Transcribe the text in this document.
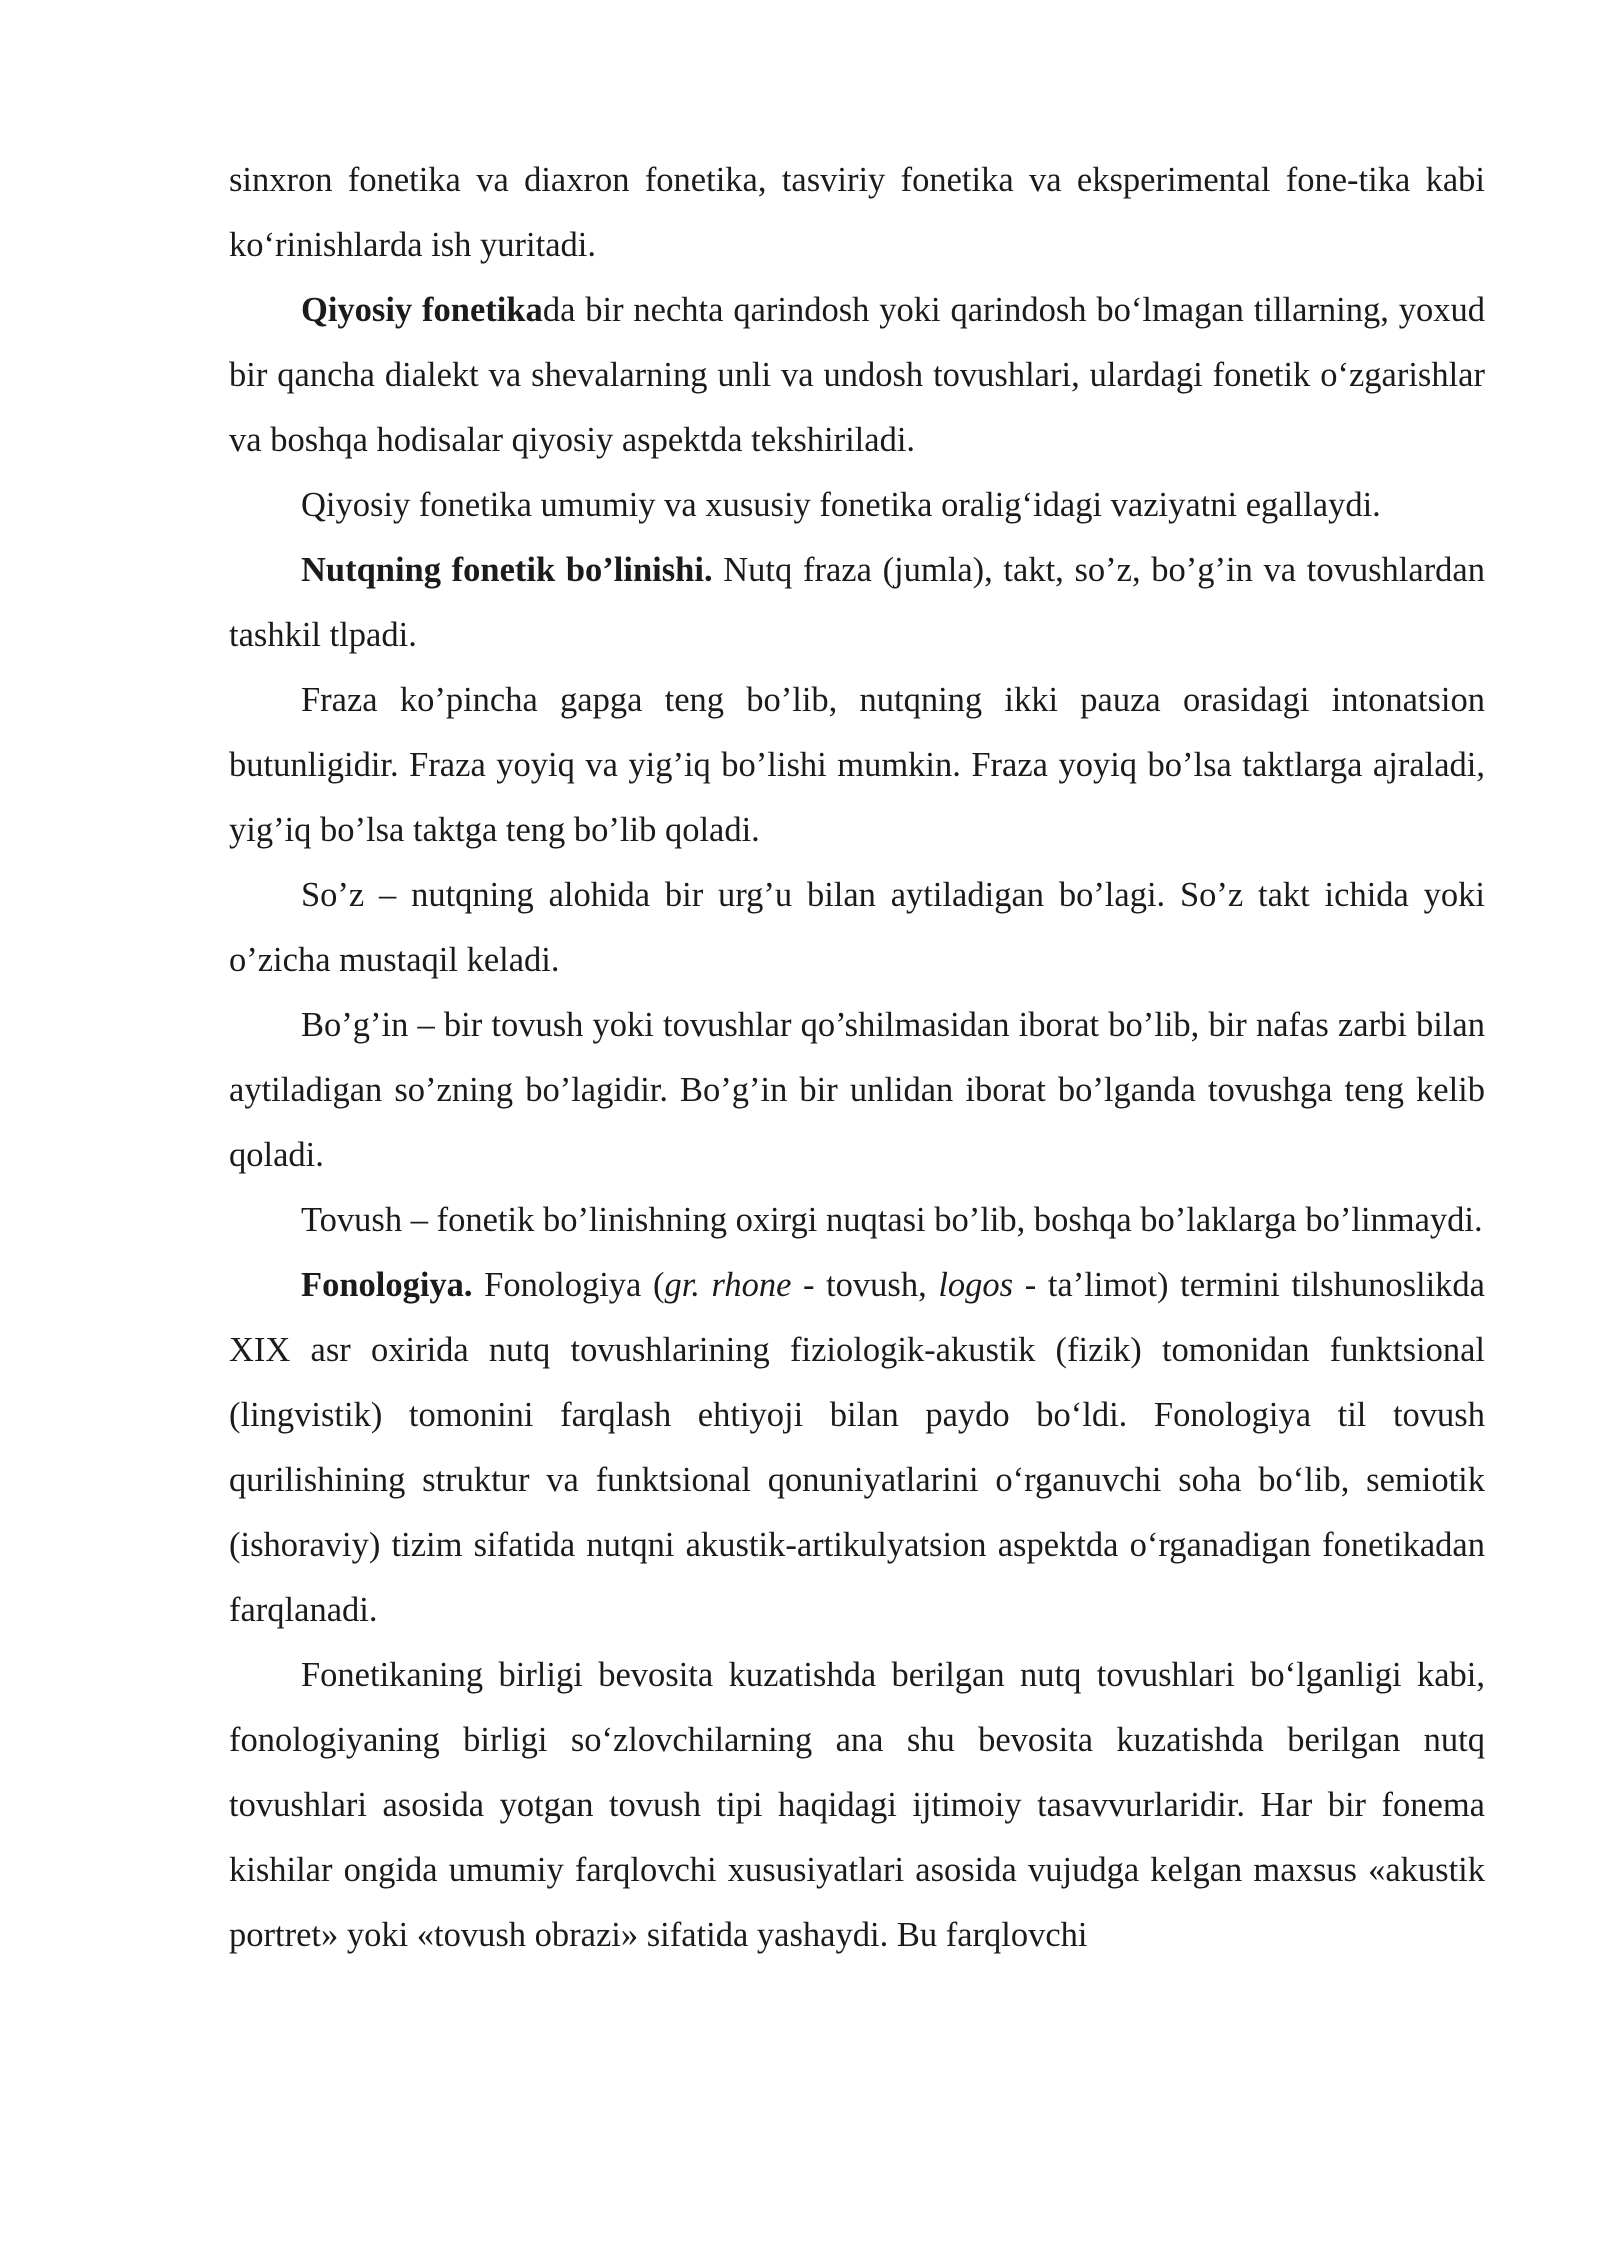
sinxron fonetika va diaxron fonetika, tasviriy fonetika va eksperimental fone-tika kabi koʻrinishlarda ish yuritadi.

Qiyosiy fonetikada bir nechta qarindosh yoki qarindosh boʻlmagan tillarning, yoxud bir qancha dialekt va shevalarning unli va undosh tovushlari, ulardagi fonetik oʻzgarishlar va boshqa hodisalar qiyosiy aspektda tekshiriladi.

Qiyosiy fonetika umumiy va xususiy fonetika oraligʻidagi vaziyatni egallaydi.

Nutqning fonetik bo’linishi. Nutq fraza (jumla), takt, so’z, bo’g’in va tovushlardan tashkil tlpadi.

Fraza ko’pincha gapga teng bo’lib, nutqning ikki pauza orasidagi intonatsion butunligidir. Fraza yoyiq va yig’iq bo’lishi mumkin. Fraza yoyiq bo’lsa taktlarga ajraladi, yig’iq bo’lsa taktga teng bo’lib qoladi.

So’z – nutqning alohida bir urg’u bilan aytiladigan bo’lagi. So’z takt ichida yoki o’zicha mustaqil keladi.

Bo’g’in – bir tovush yoki tovushlar qo’shilmasidan iborat bo’lib, bir nafas zarbi bilan aytiladigan so’zning bo’lagidir. Bo’g’in bir unlidan iborat bo’lganda tovushga teng kelib qoladi.

Tovush – fonetik bo’linishning oxirgi nuqtasi bo’lib, boshqa bo’laklarga bo’linmaydi.

Fonologiya. Fonologiya (gr. rhone - tovush, logos - ta’limot) termini tilshunoslikda XIX asr oxirida nutq tovushlarining fiziologik-akustik (fizik) tomonidan funktsional (lingvistik) tomonini farqlash ehtiyoji bilan paydo boʻldi. Fonologiya til tovush qurilishining struktur va funktsional qonuniyatlarini oʻrganuvchi soha boʻlib, semiotik (ishoraviy) tizim sifatida nutqni akustik-artikulyatsion aspektda oʻrganadigan fonetikadan farqlanadi.

Fonetikaning birligi bevosita kuzatishda berilgan nutq tovushlari boʻlganligi kabi, fonologiyaning birligi soʻzlovchilarning ana shu bevosita kuzatishda berilgan nutq tovushlari asosida yotgan tovush tipi haqidagi ijtimoiy tasavvurlaridir. Har bir fonema kishilar ongida umumiy farqlovchi xususiyatlari asosida vujudga kelgan maxsus «akustik portret» yoki «tovush obrazi» sifatida yashaydi. Bu farqlovchi
